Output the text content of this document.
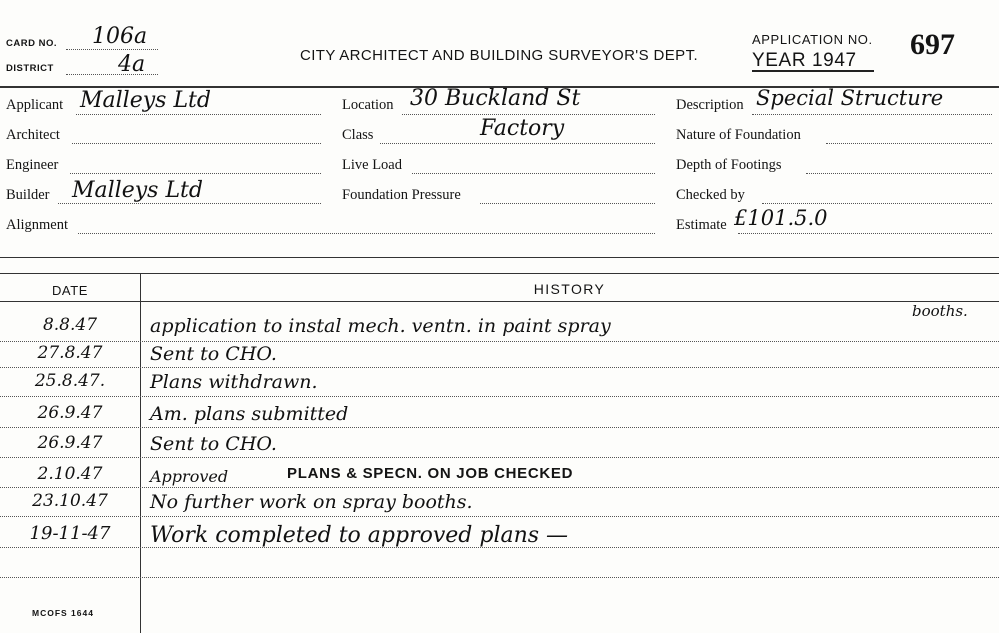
CARD NO. 106a
DISTRICT	4a	CITY ARCHITECT AND BUILDING SURVEYOR'S DEPT.
APPLICATION NO. 697
YEAR 1947
Applicant Malleys Ltd
Architect
Engineer
Builder Malleys Ltd
Alignment
Location 30 Buckland St
Class	Factory
Live Load
Foundation Pressure
Description Special Structure
Nature of Foundation
Depth of Footings
Checked by
Estimate £101.5.0
DATE	HISTORY
booths.
8.8.47	application to instal mech. ventn. in paint spray
27.8.47	Sent to CHO.
25.8.47.	Plans withdrawn.
26.9.47	Am. plans submitted
26.9.47	Sent to CHO.
2.10.47	Approved	PLANS & SPECN. ON JOB CHECKED
23.10.47	No further work on spray booths.
19-11-47	Work completed to approved plans —
MCOFS 1644
